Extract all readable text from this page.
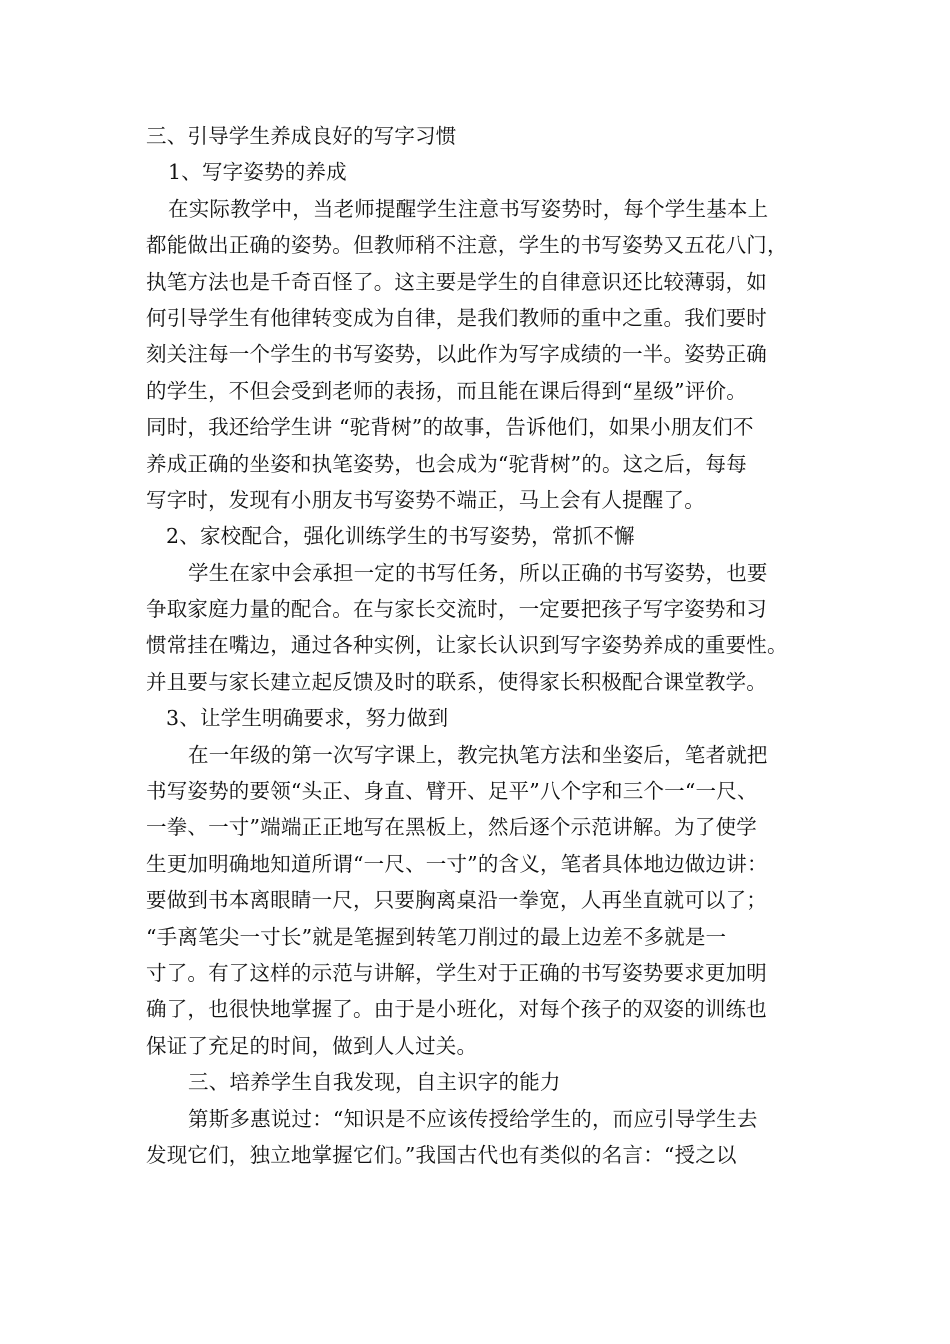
三、引导学生养成良好的写字习惯
1、写字姿势的养成
在实际教学中，当老师提醒学生注意书写姿势时，每个学生基本上
都能做出正确的姿势。但教师稍不注意，学生的书写姿势又五花八门，
执笔方法也是千奇百怪了。这主要是学生的自律意识还比较薄弱，如
何引导学生有他律转变成为自律，是我们教师的重中之重。我们要时
刻关注每一个学生的书写姿势，以此作为写字成绩的一半。姿势正确
的学生，不但会受到老师的表扬，而且能在课后得到“星级”评价。
同时，我还给学生讲 “驼背树”的故事，告诉他们，如果小朋友们不
养成正确的坐姿和执笔姿势，也会成为“驼背树”的。这之后，每每
写字时，发现有小朋友书写姿势不端正，马上会有人提醒了。
2、家校配合，强化训练学生的书写姿势，常抓不懈
学生在家中会承担一定的书写任务，所以正确的书写姿势，也要
争取家庭力量的配合。在与家长交流时，一定要把孩子写字姿势和习
惯常挂在嘴边，通过各种实例，让家长认识到写字姿势养成的重要性。
并且要与家长建立起反馈及时的联系，使得家长积极配合课堂教学。
3、让学生明确要求，努力做到
在一年级的第一次写字课上，教完执笔方法和坐姿后，笔者就把
书写姿势的要领“头正、身直、臂开、足平”八个字和三个一“一尺、
一拳、一寸”端端正正地写在黑板上，然后逐个示范讲解。为了使学
生更加明确地知道所谓“一尺、一寸”的含义，笔者具体地边做边讲：
要做到书本离眼睛一尺，只要胸离桌沿一拳宽，人再坐直就可以了；
“手离笔尖一寸长”就是笔握到转笔刀削过的最上边差不多就是一
寸了。有了这样的示范与讲解，学生对于正确的书写姿势要求更加明
确了，也很快地掌握了。由于是小班化，对每个孩子的双姿的训练也
保证了充足的时间，做到人人过关。
三、培养学生自我发现，自主识字的能力
第斯多惠说过：“知识是不应该传授给学生的，而应引导学生去
发现它们，独立地掌握它们。”我国古代也有类似的名言：“授之以
